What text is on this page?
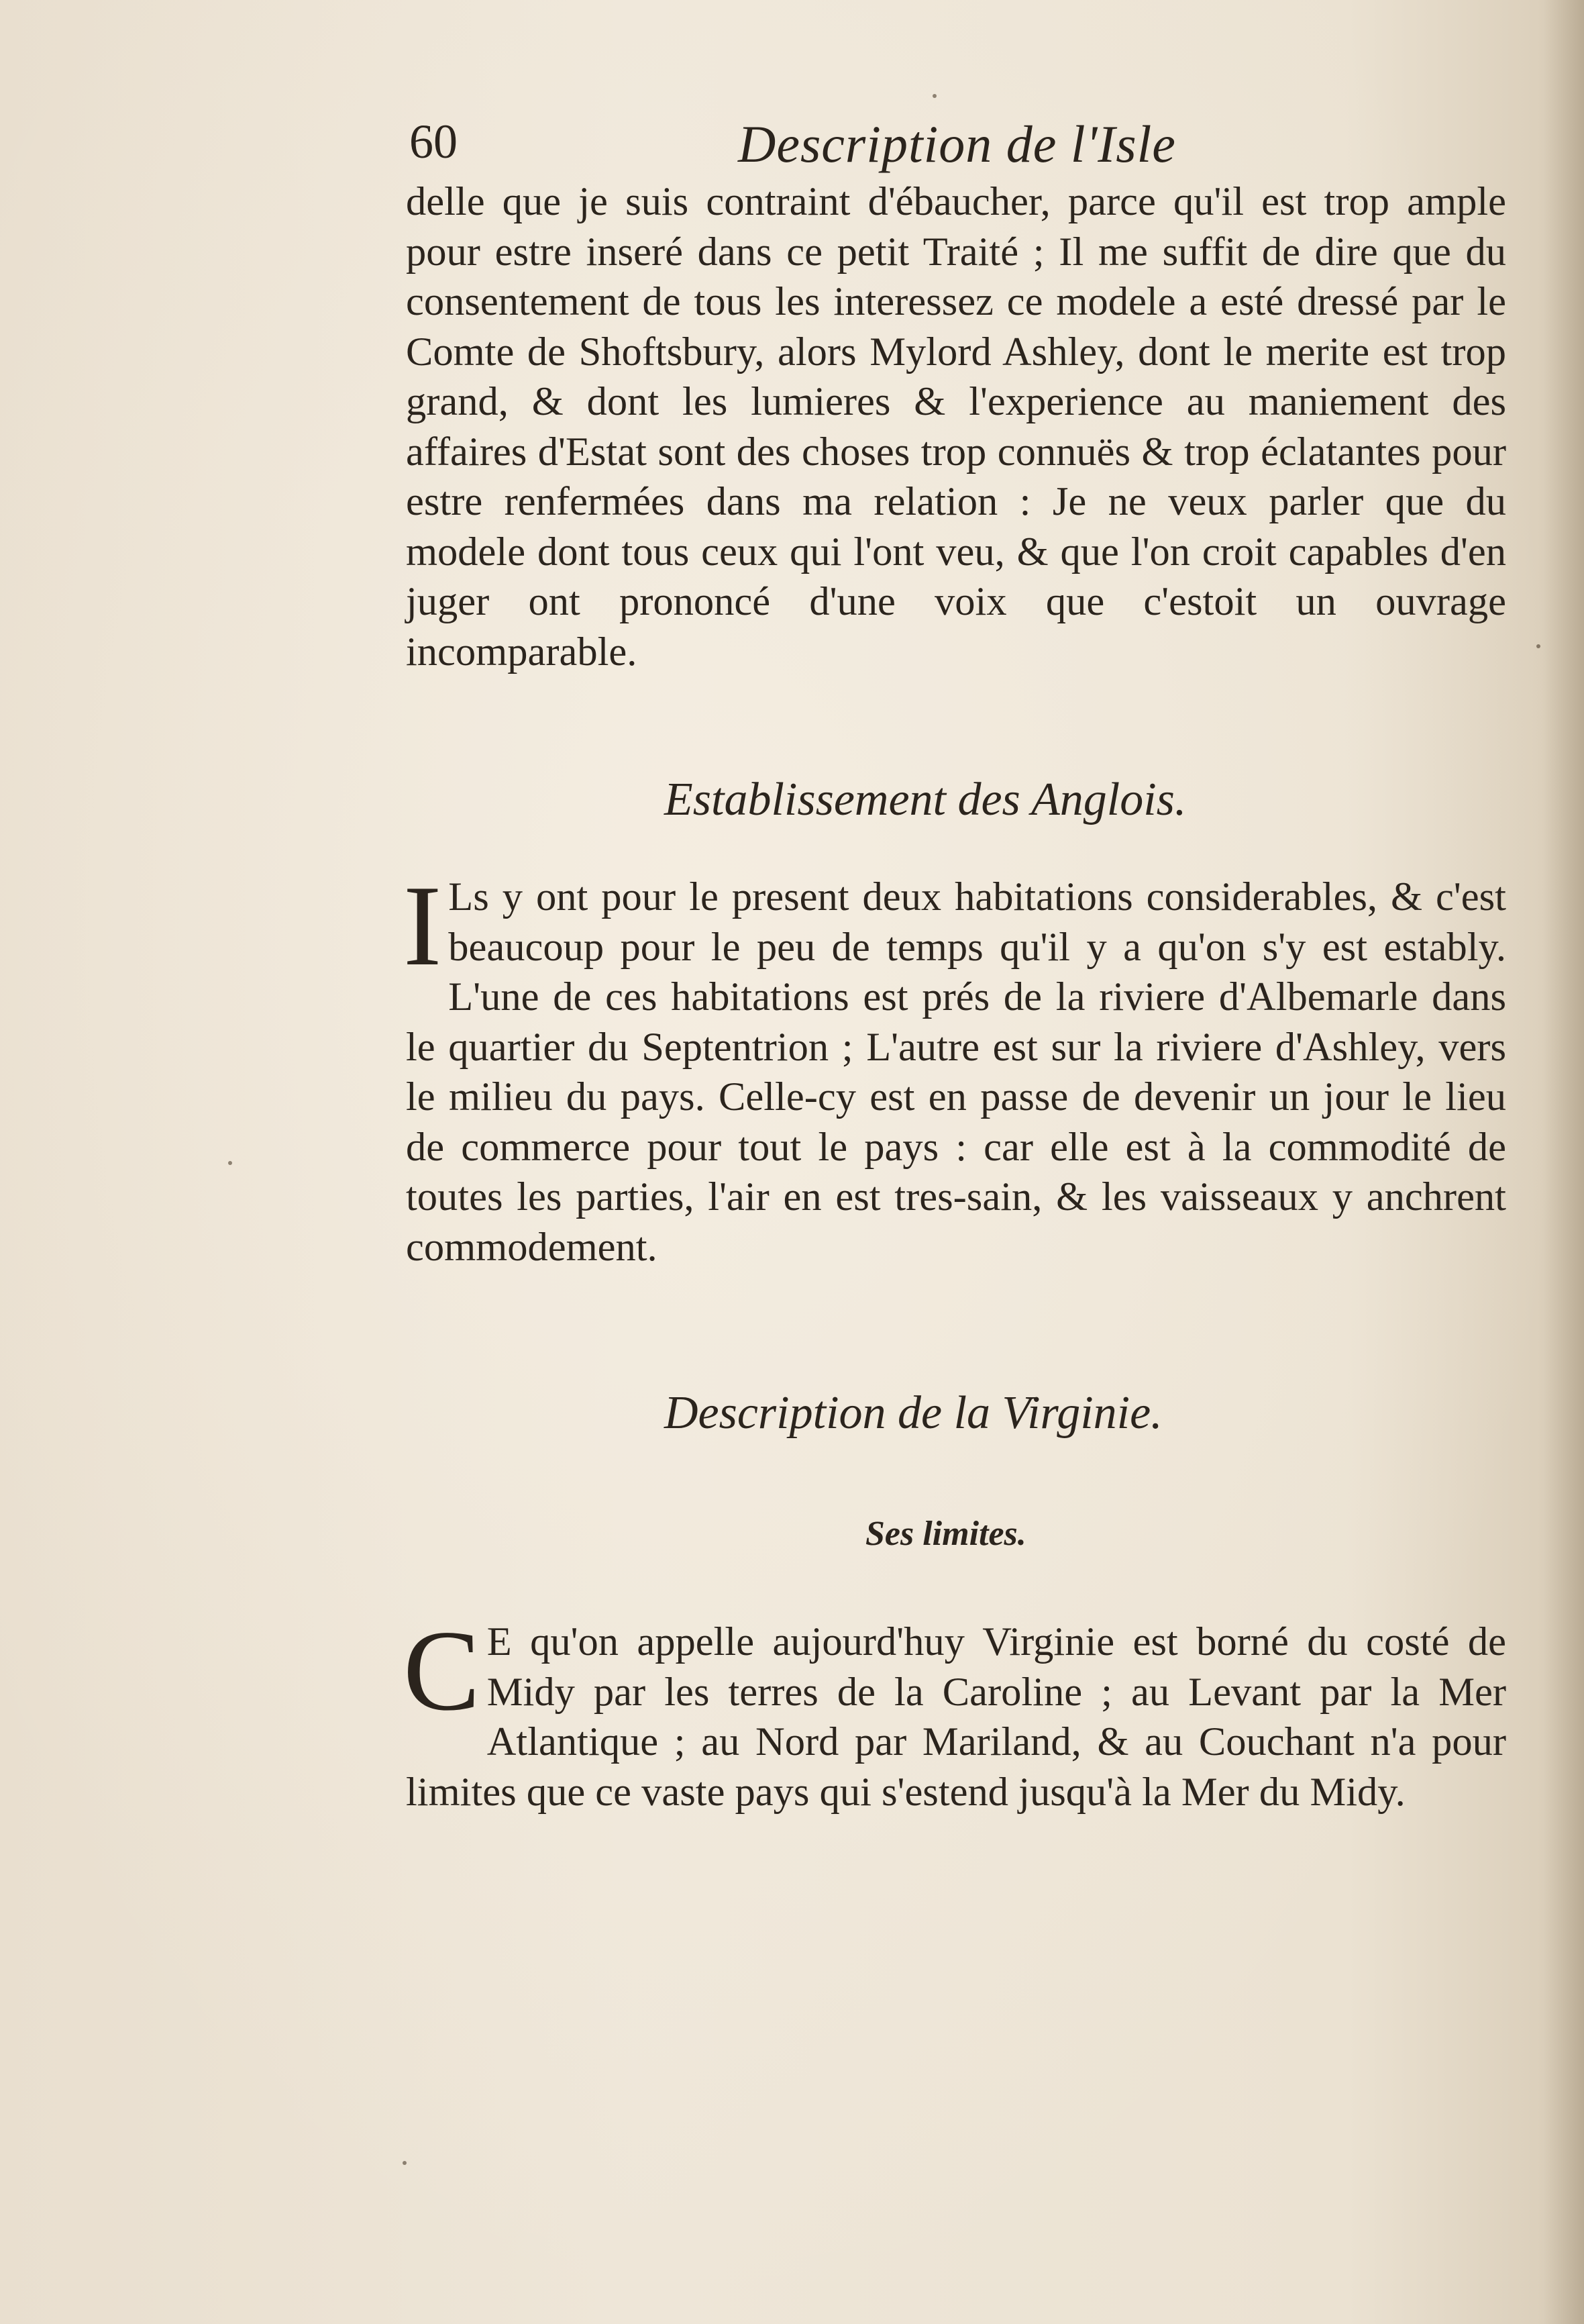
60	Description de l'Isle
delle que je suis contraint d'ébaucher, parce qu'il est trop ample pour estre inseré dans ce petit Traité ; Il me suffit de dire que du consentement de tous les interessez ce modele a esté dressé par le Comte de Shoftsbury, alors Mylord Ashley, dont le merite est trop grand, & dont les lumieres & l'experience au maniement des affaires d'Estat sont des choses trop connuës & trop éclatantes pour estre renfermées dans ma relation : Je ne veux parler que du modele dont tous ceux qui l'ont veu, & que l'on croit capables d'en juger ont prononcé d'une voix que c'estoit un ouvrage incomparable.
Establissement des Anglois.
I Ls y ont pour le present deux habitations considerables, & c'est beaucoup pour le peu de temps qu'il y a qu'on s'y est estably. L'une de ces habitations est prés de la riviere d'Albemarle dans le quartier du Septentrion ; L'autre est sur la riviere d'Ashley, vers le milieu du pays. Celle-cy est en passe de devenir un jour le lieu de commerce pour tout le pays : car elle est à la commodité de toutes les parties, l'air en est tres-sain, & les vaisseaux y anchrent commodement.
Description de la Virginie.
Ses limites.
C E qu'on appelle aujourd'huy Virginie est borné du costé de Midy par les terres de la Caroline ; au Levant par la Mer Atlantique ; au Nord par Mariland, & au Couchant n'a pour limites que ce vaste pays qui s'estend jusqu'à la Mer du Midy.
